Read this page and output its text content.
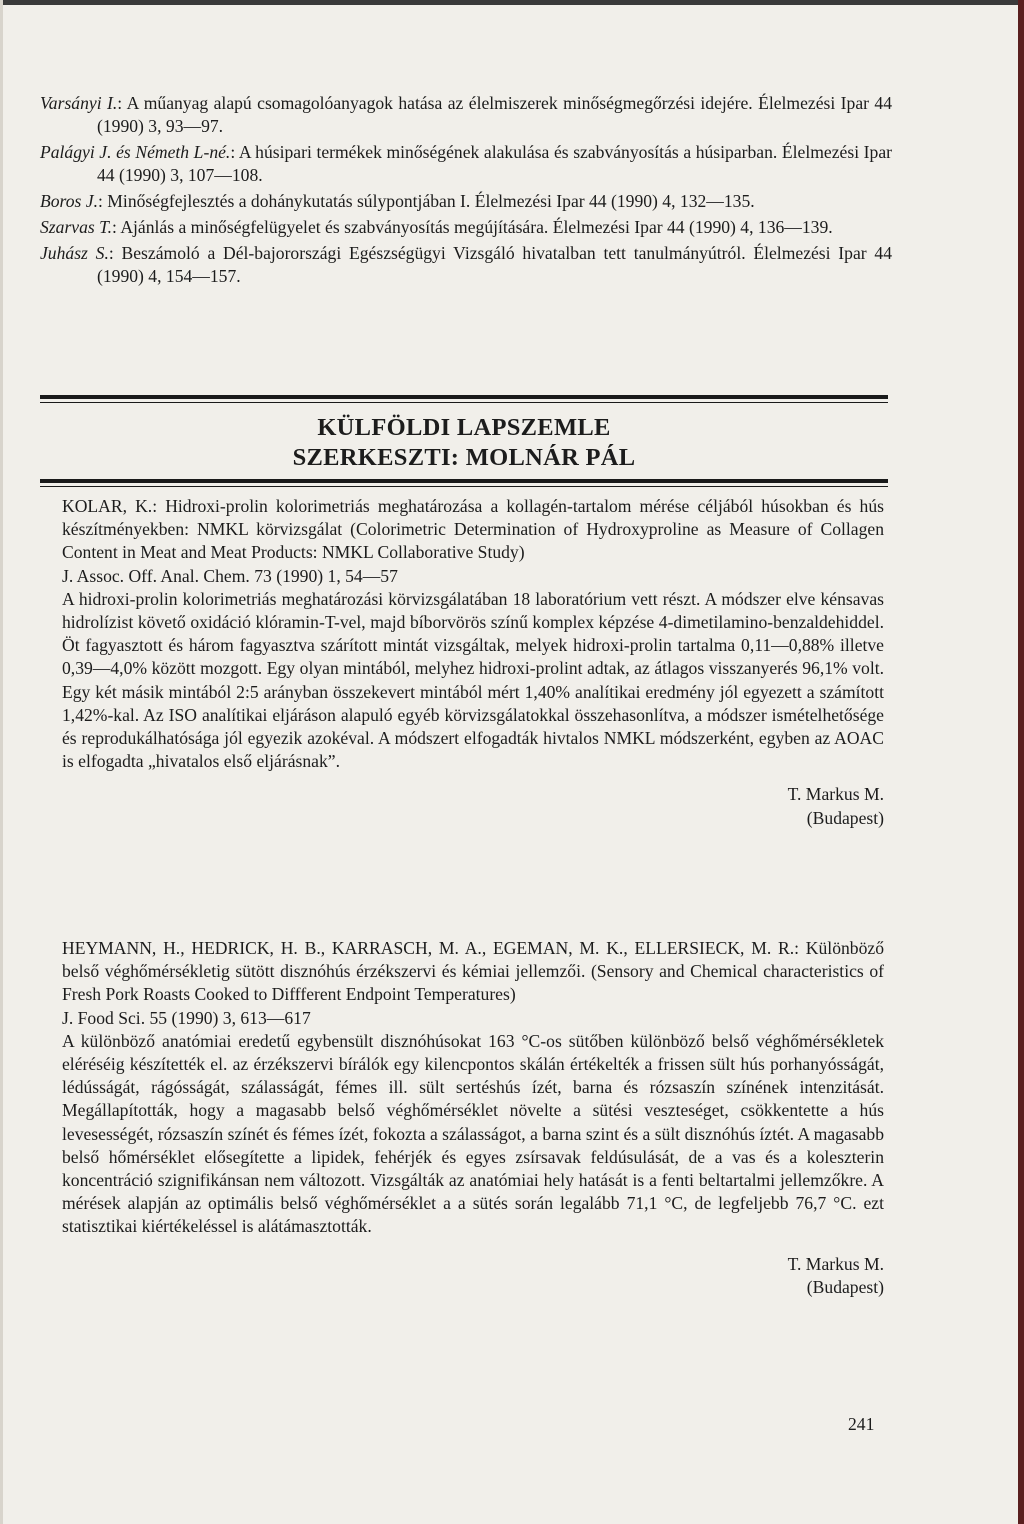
Varsányi I.: A műanyag alapú csomagolóanyagok hatása az élelmiszerek minőségmegőrzési idejére. Élelmezési Ipar 44 (1990) 3, 93—97.

Palágyi J. és Németh L-né.: A húsipari termékek minőségének alakulása és szabványosítás a húsiparban. Élelmezési Ipar 44 (1990) 3, 107—108.

Boros J.: Minőségfejlesztés a dohánykutatás súlypontjában I. Élelmezési Ipar 44 (1990) 4, 132—135.

Szarvas T.: Ajánlás a minőségfelügyelet és szabványosítás megújítására. Élelmezési Ipar 44 (1990) 4, 136—139.

Juhász S.: Beszámoló a Dél-bajorországi Egészségügyi Vizsgáló hivatalban tett tanulmányútról. Élelmezési Ipar 44 (1990) 4, 154—157.

KÜLFÖLDI LAPSZEMLE
SZERKESZTI: MOLNÁR PÁL

KOLAR, K.: Hidroxi-prolin kolorimetriás meghatározása a kollagén-tartalom mérése céljából húsokban és hús készítményekben: NMKL körvizsgálat (Colorimetric Determination of Hydroxyproline as Measure of Collagen Content in Meat and Meat Products: NMKL Collaborative Study)

J. Assoc. Off. Anal. Chem. 73 (1990) 1, 54—57

A hidroxi-prolin kolorimetriás meghatározási körvizsgálatában 18 laboratórium vett részt. A módszer elve kénsavas hidrolízist követő oxidáció klóramin-T-vel, majd bíborvörös színű komplex képzése 4-dimetilamino-benzaldehiddel. Öt fagyasztott és három fagyasztva szárított mintát vizsgáltak, melyek hidroxi-prolin tartalma 0,11—0,88% illetve 0,39—4,0% között mozgott. Egy olyan mintából, melyhez hidroxi-prolint adtak, az átlagos visszanyerés 96,1% volt. Egy két másik mintából 2:5 arányban összekevert mintából mért 1,40% analítikai eredmény jól egyezett a számított 1,42%-kal. Az ISO analítikai eljáráson alapuló egyéb körvizsgálatokkal összehasonlítva, a módszer ismételhetősége és reprodukálhatósága jól egyezik azokéval. A módszert elfogadták hivtalos NMKL módszerként, egyben az AOAC is elfogadta „hivatalos első eljárásnak”.

T. Markus M.
(Budapest)

HEYMANN, H., HEDRICK, H. B., KARRASCH, M. A., EGEMAN, M. K., ELLERSIECK, M. R.: Különböző belső véghőmérsékletig sütött disznóhús érzékszervi és kémiai jellemzői. (Sensory and Chemical characteristics of Fresh Pork Roasts Cooked to Diffferent Endpoint Temperatures)

J. Food Sci. 55 (1990) 3, 613—617

A különböző anatómiai eredetű egybensült disznóhúsokat 163 °C-os sütőben különböző belső véghőmérsékletek eléréséig készítették el. az érzékszervi bírálók egy kilencpontos skálán értékelték a frissen sült hús porhanyósságát, lédússágát, rágósságát, szálasságát, fémes ill. sült sertéshús ízét, barna és rózsaszín színének intenzitását. Megállapították, hogy a magasabb belső véghőmérséklet növelte a sütési veszteséget, csökkentette a hús levesességét, rózsaszín színét és fémes ízét, fokozta a szálasságot, a barna szint és a sült disznóhús íztét. A magasabb belső hőmérséklet elősegítette a lipidek, fehérjék és egyes zsírsavak feldúsulását, de a vas és a koleszterin koncentráció szignifikánsan nem változott. Vizsgálták az anatómiai hely hatását is a fenti beltartalmi jellemzőkre. A mérések alapján az optimális belső véghőmérséklet a a sütés során legalább 71,1 °C, de legfeljebb 76,7 °C. ezt statisztikai kiértékeléssel is alátámasztották.

T. Markus M.
(Budapest)
241
